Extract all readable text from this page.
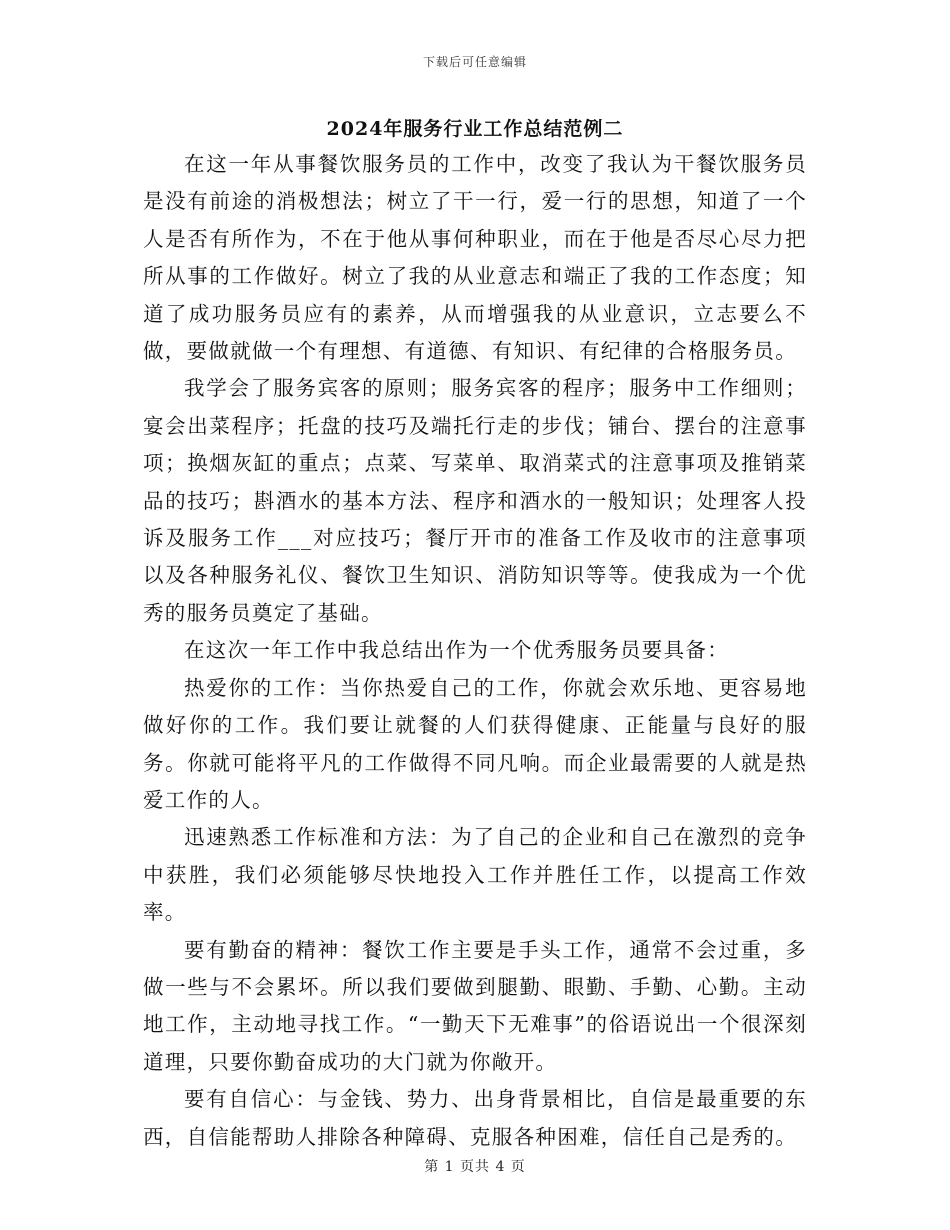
下载后可任意编辑
2024年服务行业工作总结范例二

在这一年从事餐饮服务员的工作中，改变了我认为干餐饮服务员是没有前途的消极想法；树立了干一行，爱一行的思想，知道了一个人是否有所作为，不在于他从事何种职业，而在于他是否尽心尽力把所从事的工作做好。树立了我的从业意志和端正了我的工作态度；知道了成功服务员应有的素养，从而增强我的从业意识，立志要么不做，要做就做一个有理想、有道德、有知识、有纪律的合格服务员。

我学会了服务宾客的原则；服务宾客的程序；服务中工作细则；宴会出菜程序；托盘的技巧及端托行走的步伐；铺台、摆台的注意事项；换烟灰缸的重点；点菜、写菜单、取消菜式的注意事项及推销菜品的技巧；斟酒水的基本方法、程序和酒水的一般知识；处理客人投诉及服务工作___对应技巧；餐厅开市的准备工作及收市的注意事项以及各种服务礼仪、餐饮卫生知识、消防知识等等。使我成为一个优秀的服务员奠定了基础。

在这次一年工作中我总结出作为一个优秀服务员要具备：

热爱你的工作：当你热爱自己的工作，你就会欢乐地、更容易地做好你的工作。我们要让就餐的人们获得健康、正能量与良好的服务。你就可能将平凡的工作做得不同凡响。而企业最需要的人就是热爱工作的人。

迅速熟悉工作标准和方法：为了自己的企业和自己在激烈的竞争中获胜，我们必须能够尽快地投入工作并胜任工作，以提高工作效率。

要有勤奋的精神：餐饮工作主要是手头工作，通常不会过重，多做一些与不会累坏。所以我们要做到腿勤、眼勤、手勤、心勤。主动地工作，主动地寻找工作。“一勤天下无难事”的俗语说出一个很深刻道理，只要你勤奋成功的大门就为你敞开。

要有自信心：与金钱、势力、出身背景相比，自信是最重要的东西，自信能帮助人排除各种障碍、克服各种困难，信任自己是秀的。

第 1 页共 4 页
